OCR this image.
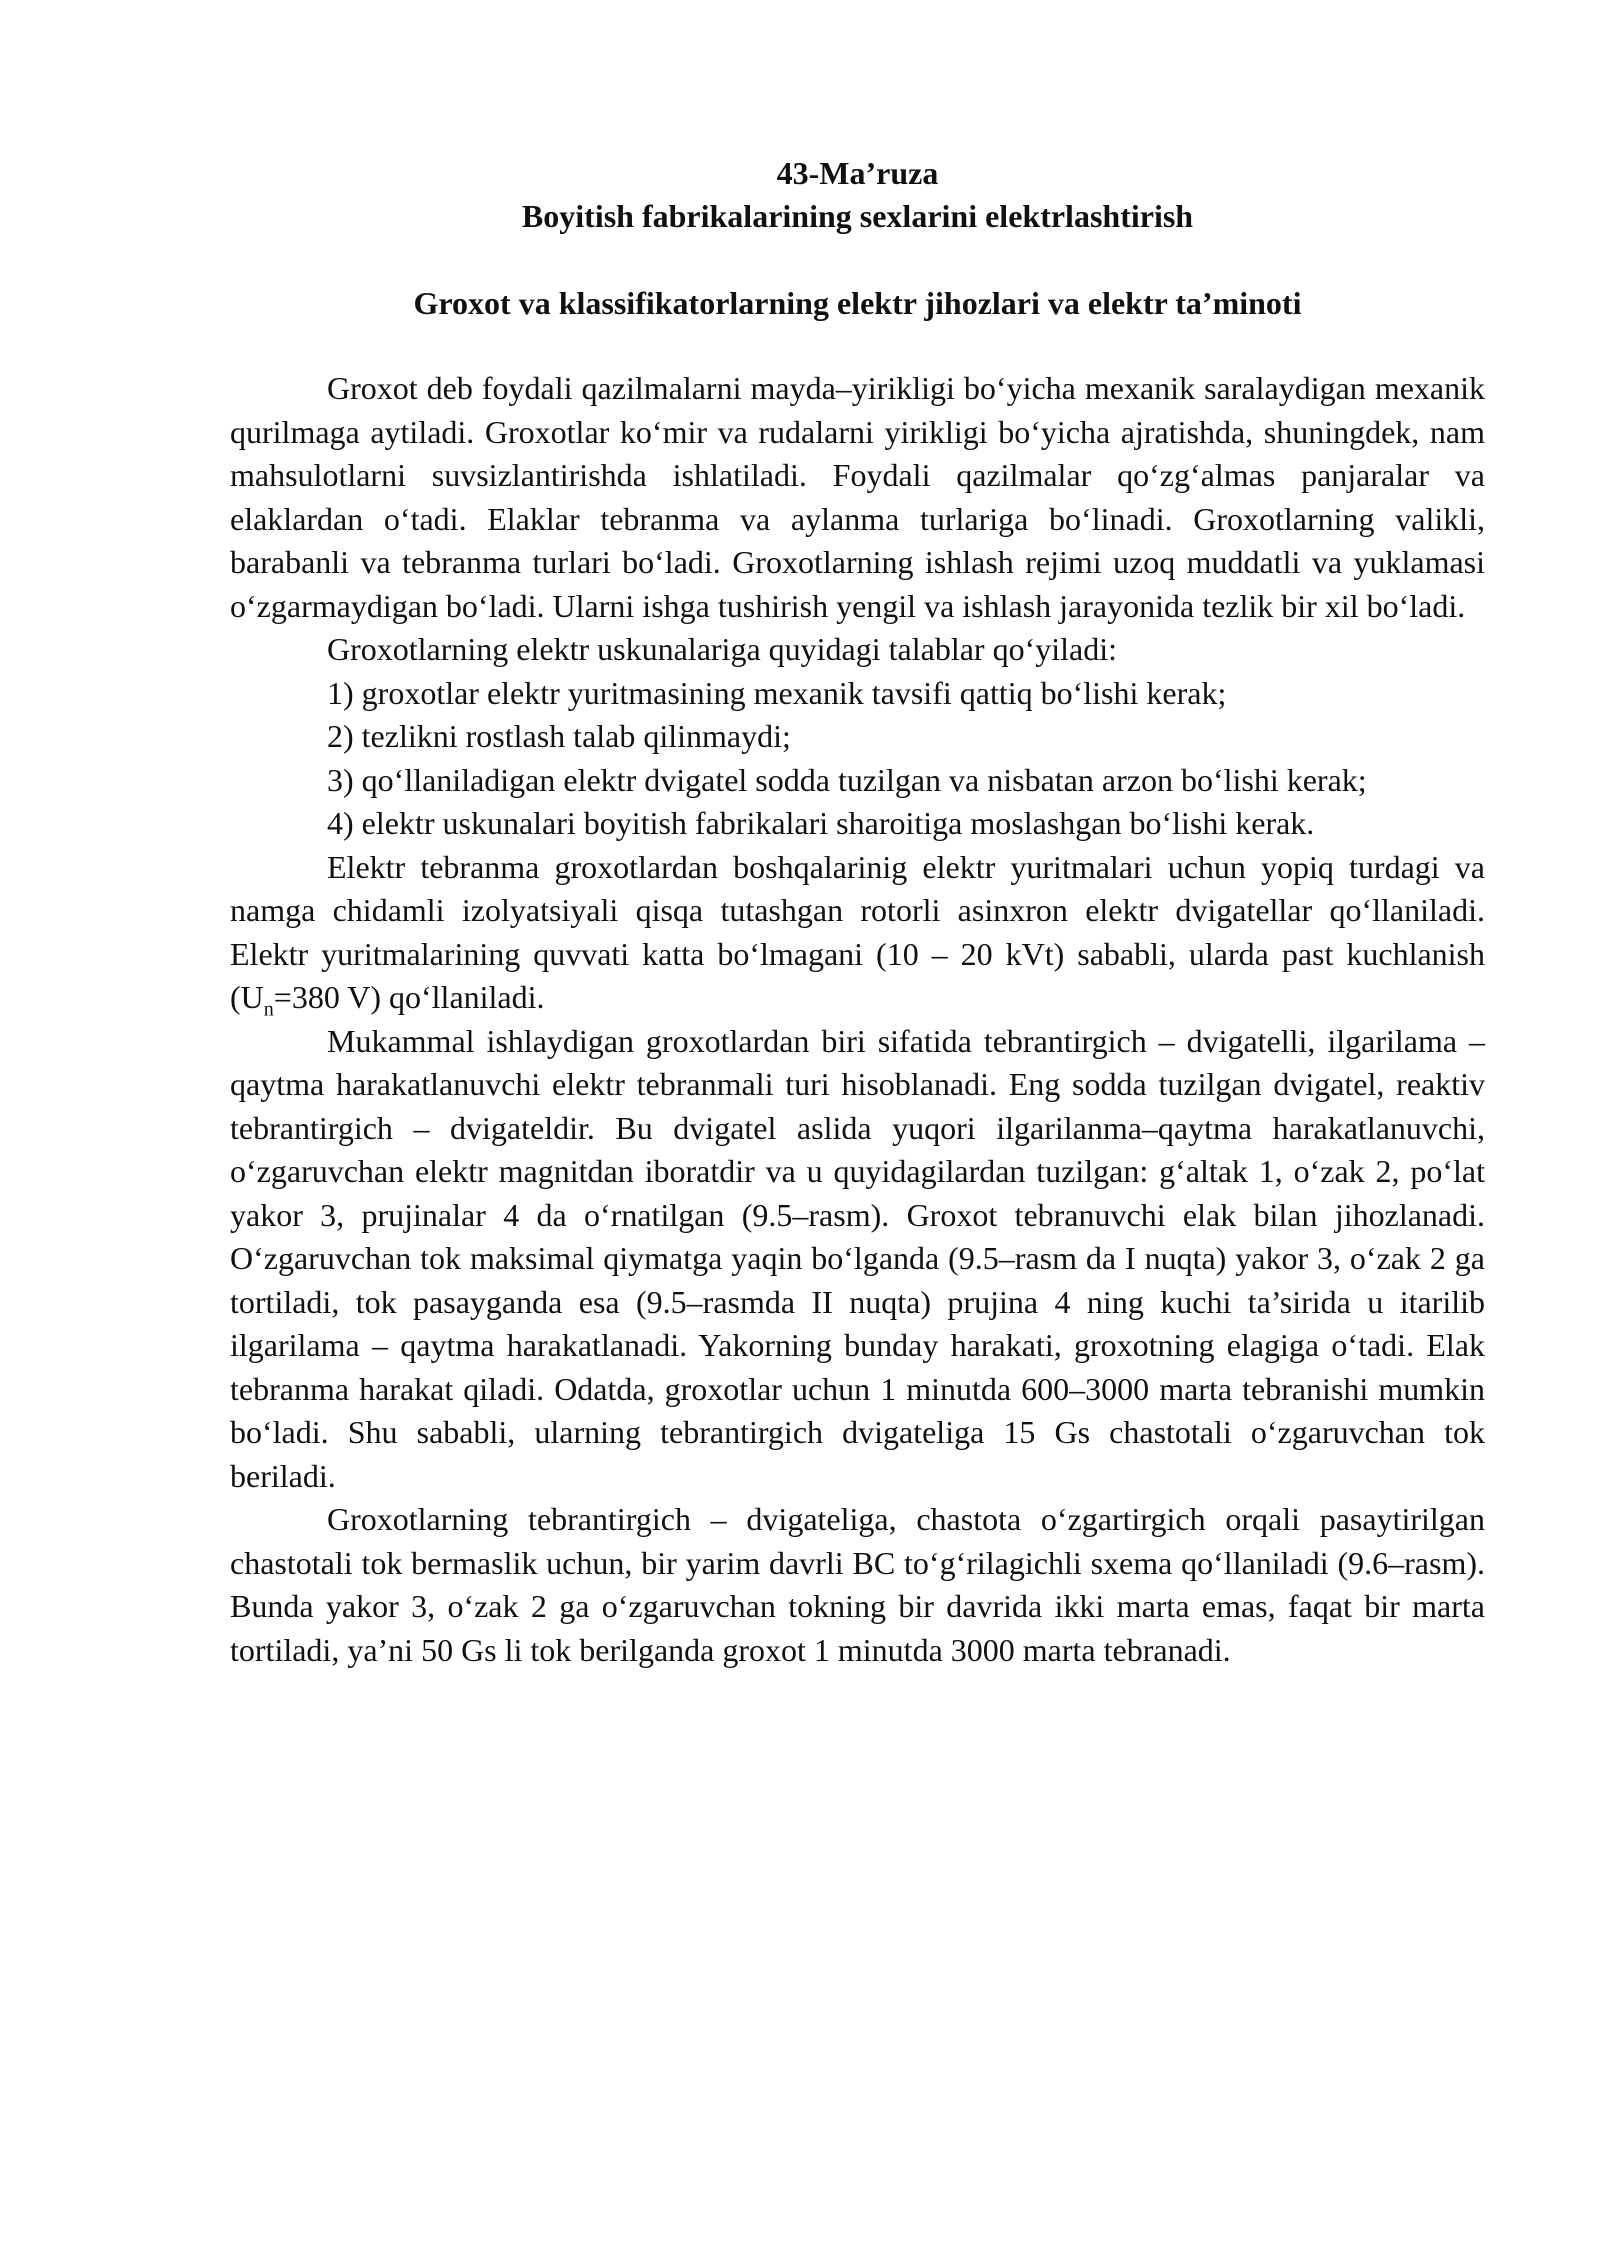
43-Ma’ruza

Boyitish fabrikalarining sexlarini elektrlashtirish

Groxot va klassifikatorlarning elektr jihozlari va elektr ta’minoti

Groxot deb foydali qazilmalarni mayda–yirikligi bo‘yicha mexanik saralaydigan mexanik qurilmaga aytiladi. Groxotlar ko‘mir va rudalarni yirikligi bo‘yicha ajratishda, shuningdek, nam mahsulotlarni suvsizlantirishda ishlatiladi. Foydali qazilmalar qo‘zg‘almas panjaralar va elaklardan o‘tadi. Elaklar tebranma va aylanma turlariga bo‘linadi. Groxotlarning valikli, barabanli va tebranma turlari bo‘ladi. Groxotlarning ishlash rejimi uzoq muddatli va yuklamasi o‘zgarmaydigan bo‘ladi. Ularni ishga tushirish yengil va ishlash jarayonida tezlik bir xil bo‘ladi.

Groxotlarning elektr uskunalariga quyidagi talablar qo‘yiladi:

1) groxotlar elektr yuritmasining mexanik tavsifi qattiq bo‘lishi kerak;

2) tezlikni rostlash talab qilinmaydi;

3) qo‘llaniladigan elektr dvigatel sodda tuzilgan va nisbatan arzon bo‘lishi kerak;

4) elektr uskunalari boyitish fabrikalari sharoitiga moslashgan bo‘lishi kerak.

Elektr tebranma groxotlardan boshqalarinig elektr yuritmalari uchun yopiq turdagi va namga chidamli izolyatsiyali qisqa tutashgan rotorli asinxron elektr dvigatellar qo‘llaniladi. Elektr yuritmalarining quvvati katta bo‘lmagani (10 – 20 kVt) sababli, ularda past kuchlanish ($U_n=380$ V) qo‘llaniladi.

Mukammal ishlaydigan groxotlardan biri sifatida tebrantirgich – dvigatelli, ilgarilama – qaytma harakatlanuvchi elektr tebranmali turi hisoblanadi. Eng sodda tuzilgan dvigatel, reaktiv tebrantirgich – dvigateldir. Bu dvigatel aslida yuqori ilgarilanma–qaytma harakatlanuvchi, o‘zgaruvchan elektr magnitdan iboratdir va u quyidagilardan tuzilgan: g‘altak 1, o‘zak 2, po‘lat yakor 3, prujinalar 4 da o‘rnatilgan (9.5–rasm). Groxot tebranuvchi elak bilan jihozlanadi. O‘zgaruvchan tok maksimal qiymatga yaqin bo‘lganda (9.5–rasm da I nuqta) yakor 3, o‘zak 2 ga tortiladi, tok pasayganda esa (9.5–rasmda II nuqta) prujina 4 ning kuchi ta’sirida u itarilib ilgarilama – qaytma harakatlanadi. Yakorning bunday harakati, groxotning elagiga o‘tadi. Elak tebranma harakat qiladi. Odatda, groxotlar uchun 1 minutda 600–3000 marta tebranishi mumkin bo‘ladi. Shu sababli, ularning tebrantirgich dvigateliga 15 Gs chastotali o‘zgaruvchan tok beriladi.

Groxotlarning tebrantirgich – dvigateliga, chastota o‘zgartirgich orqali pasaytirilgan chastotali tok bermaslik uchun, bir yarim davrli BC to‘g‘rilagichli sxema qo‘llaniladi (9.6–rasm). Bunda yakor 3, o‘zak 2 ga o‘zgaruvchan tokning bir davrida ikki marta emas, faqat bir marta tortiladi, ya’ni 50 Gs li tok berilganda groxot 1 minutda 3000 marta tebranadi.
